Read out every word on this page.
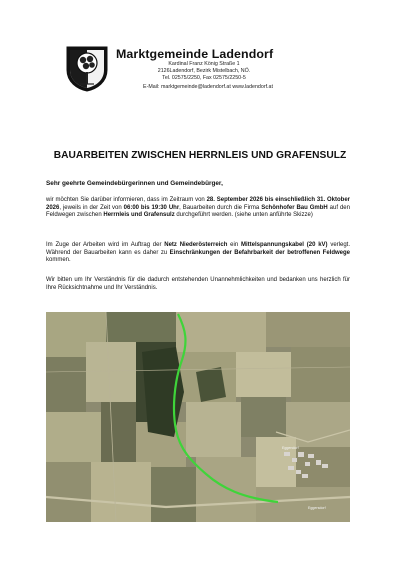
Marktgemeinde Ladendorf
Kardinal Franz König Straße 1
2126Ladendorf, Bezirk Mistelbach, NÖ.
Tel. 02575/2250, Fax 02575/2250-5
E-Mail: marktgemeinde@ladendorf.at www.ladendorf.at
BAUARBEITEN ZWISCHEN HERRNLEIS UND GRAFENSULZ
Sehr geehrte Gemeindebürgerinnen und Gemeindebürger,
wir möchten Sie darüber informieren, dass im Zeitraum von 28. September 2026 bis einschließlich 31. Oktober 2026, jeweils in der Zeit von 06:00 bis 19:30 Uhr, Bauarbeiten durch die Firma Schönhofer Bau GmbH auf den Feldwegen zwischen Herrnleis und Grafensulz durchgeführt werden. (siehe unten anführte Skizze)
Im Zuge der Arbeiten wird im Auftrag der Netz Niederösterreich ein Mittelspannungskabel (20 kV) verlegt. Während der Bauarbeiten kann es daher zu Einschränkungen der Befahrbarkeit der betroffenen Feldwege kommen.
Wir bitten um Ihr Verständnis für die dadurch entstehenden Unannehmlichkeiten und bedanken uns herzlich für Ihre Rücksichtnahme und Ihr Verständnis.
Eggendorf
Eggersdorf
